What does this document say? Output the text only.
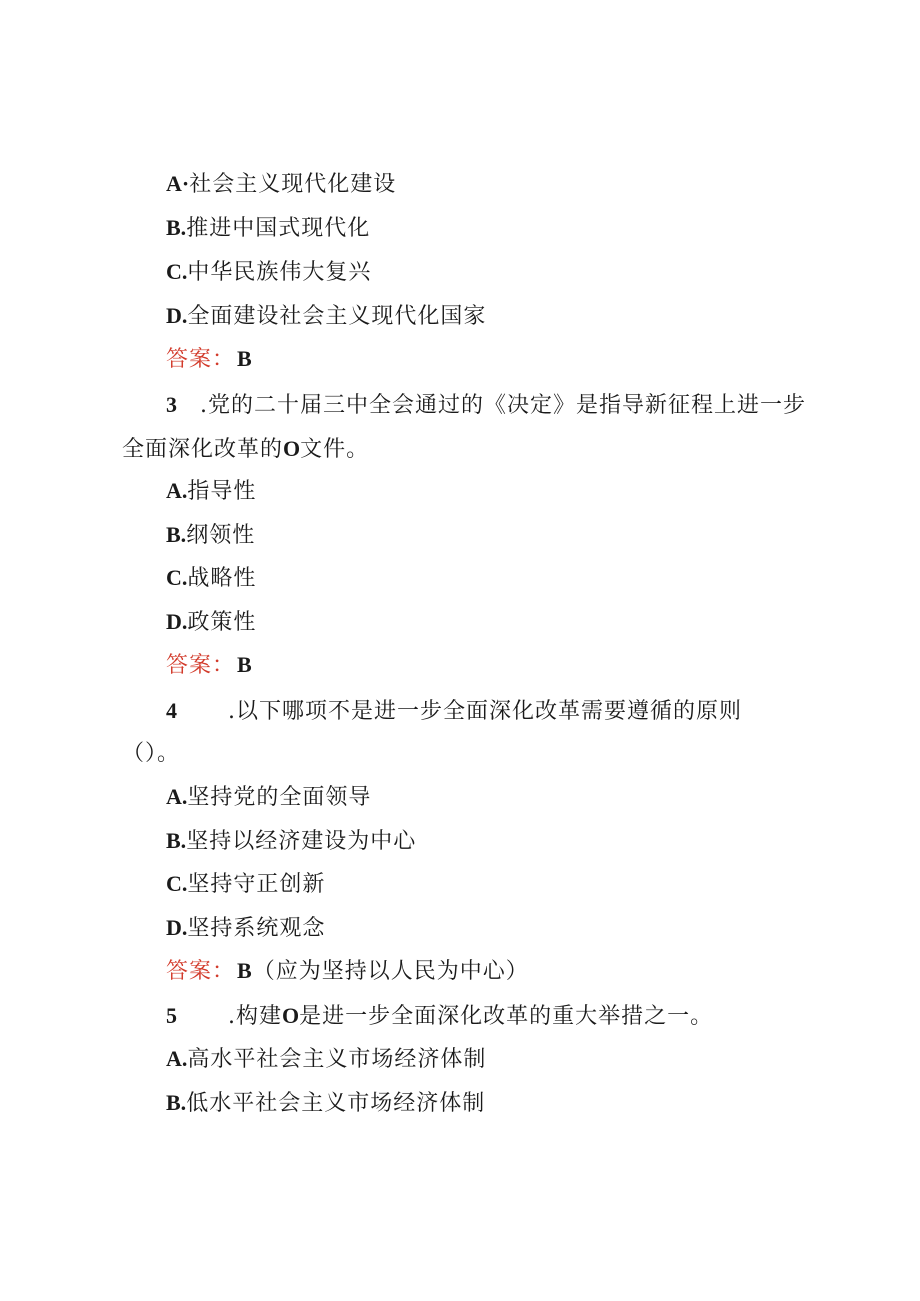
A·社会主义现代化建设
B.推进中国式现代化
C.中华民族伟大复兴
D.全面建设社会主义现代化国家
答案：B
3 .党的二十届三中全会通过的《决定》是指导新征程上进一步
全面深化改革的O文件。
A.指导性
B.纲领性
C.战略性
D.政策性
答案：B
4 .以下哪项不是进一步全面深化改革需要遵循的原则
（）。
A.坚持党的全面领导
B.坚持以经济建设为中心
C.坚持守正创新
D.坚持系统观念
答案：B（应为坚持以人民为中心）
5 .构建O是进一步全面深化改革的重大举措之一。
A.高水平社会主义市场经济体制
B.低水平社会主义市场经济体制
